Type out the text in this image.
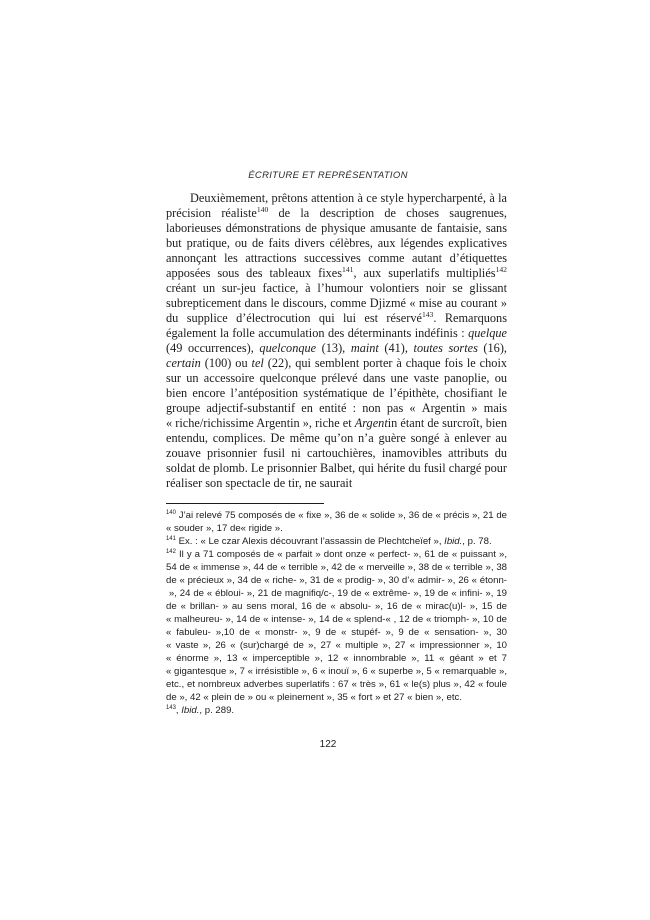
ÉCRITURE ET REPRÉSENTATION

Deuxièmement, prêtons attention à ce style hypercharpenté, à la précision réaliste$^{140}$ de la description de choses saugrenues, laborieuses démonstrations de physique amusante de fantaisie, sans but pratique, ou de faits divers célèbres, aux légendes explicatives annonçant les attractions successives comme autant d’étiquettes apposées sous des tableaux fixes$^{141}$, aux superlatifs multipliés$^{142}$ créant un sur-jeu factice, à l’humour volontiers noir se glissant subrepticement dans le discours, comme Djizmé « mise au courant » du supplice d’électrocution qui lui est réservé$^{143}$. Remarquons également la folle accumulation des déterminants indéfinis : quelque (49 occurrences), quelconque (13), maint (41), toutes sortes (16), certain (100) ou tel (22), qui semblent porter à chaque fois le choix sur un accessoire quelconque prélevé dans une vaste panoplie, ou bien encore l’antéposition systématique de l’épithète, chosifiant le groupe adjectif-substantif en entité : non pas « Argentin » mais « riche/richissime Argentin », riche et Argentin étant de surcroît, bien entendu, complices. De même qu’on n’a guère songé à enlever au zouave prisonnier fusil ni cartouchières, inamovibles attributs du soldat de plomb. Le prisonnier Balbet, qui hérite du fusil chargé pour réaliser son spectacle de tir, ne saurait

$^{140}$ J’ai relevé 75 composés de « fixe », 36 de « solide », 36 de « précis », 21 de « souder », 17 de« rigide ».

$^{141}$ Ex. : « Le czar Alexis découvrant l’assassin de Plechtcheïef », Ibid., p. 78.

$^{142}$ Il y a 71 composés de « parfait » dont onze « perfect- », 61 de « puissant », 54 de « immense », 44 de « terrible », 42 de « merveille », 38 de « terrible », 38 de « précieux », 34 de « riche- », 31 de « prodig- », 30 d’« admir- », 26 « étonn- », 24 de « ébloui- », 21 de magnifiq/c-, 19 de « extrême- », 19 de « infini- », 19 de « brillan- » au sens moral, 16 de « absolu- », 16 de « mirac(u)l- », 15 de « malheureu- », 14 de « intense- », 14 de « splend-« , 12 de « triomph- », 10 de « fabuleu- »,10 de « monstr- », 9 de « stupéf- », 9 de « sensation- », 30 « vaste », 26 « (sur)chargé de », 27 « multiple », 27 « impressionner », 10 « énorme », 13 « imperceptible », 12 « innombrable », 11 « géant » et 7 « gigantesque », 7 « irrésistible », 6 « inouï », 6 « superbe », 5 « remarquable », etc., et nombreux adverbes superlatifs : 67 « très », 61 « le(s) plus », 42 « foule de », 42 « plein de » ou « pleinement », 35 « fort » et 27 « bien », etc.

$^{143}$, Ibid., p. 289.

122
